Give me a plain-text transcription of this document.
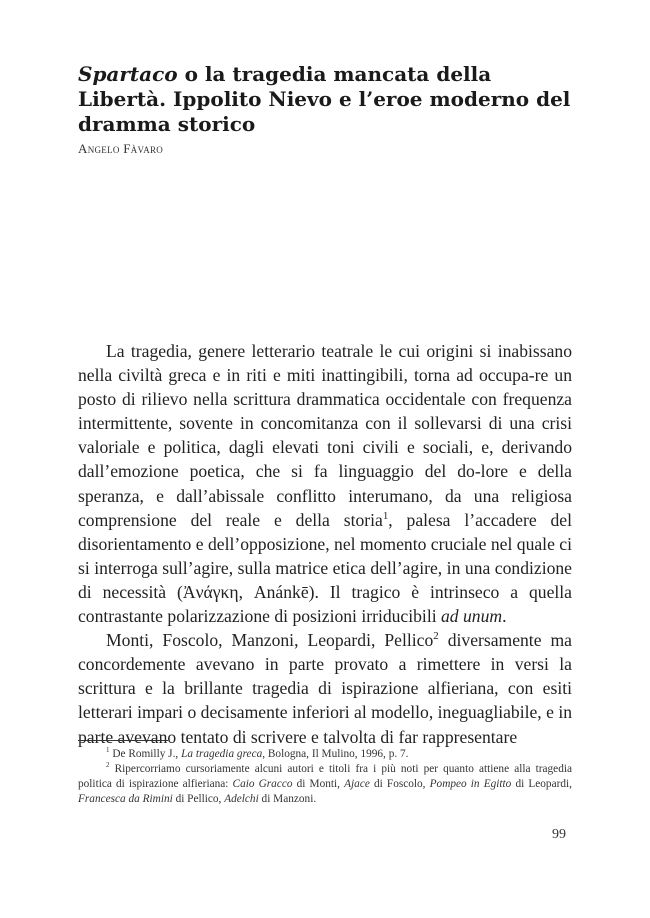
Spartaco o la tragedia mancata della Libertà. Ippolito Nievo e l’eroe moderno del dramma storico
Angelo Fàvaro

La tragedia, genere letterario teatrale le cui origini si inabissano nella civiltà greca e in riti e miti inattingibili, torna ad occupa-re un posto di rilievo nella scrittura drammatica occidentale con frequenza intermittente, sovente in concomitanza con il sollevarsi di una crisi valoriale e politica, dagli elevati toni civili e sociali, e, derivando dall’emozione poetica, che si fa linguaggio del do-lore e della speranza, e dall’abissale conflitto interumano, da una religiosa comprensione del reale e della storia$^1$, palesa l’accadere del disorientamento e dell’opposizione, nel momento cruciale nel quale ci si interroga sull’agire, sulla matrice etica dell’agire, in una condizione di necessità (Ἀνάγκη, Anánkē). Il tragico è intrinseco a quella contrastante polarizzazione di posizioni irriducibili ad unum.

Monti, Foscolo, Manzoni, Leopardi, Pellico$^2$ diversamente ma concordemente avevano in parte provato a rimettere in versi la scrittura e la brillante tragedia di ispirazione alfieriana, con esiti letterari impari o decisamente inferiori al modello, ineguagliabile, e in parte avevano tentato di scrivere e talvolta di far rappresentare

$^1$ De Romilly J., La tragedia greca, Bologna, Il Mulino, 1996, p. 7.

$^2$ Ripercorriamo cursoriamente alcuni autori e titoli fra i più noti per quanto attiene alla tragedia politica di ispirazione alfieriana: Caio Gracco di Monti, Ajace di Foscolo, Pompeo in Egitto di Leopardi, Francesca da Rimini di Pellico, Adelchi di Manzoni.

99
